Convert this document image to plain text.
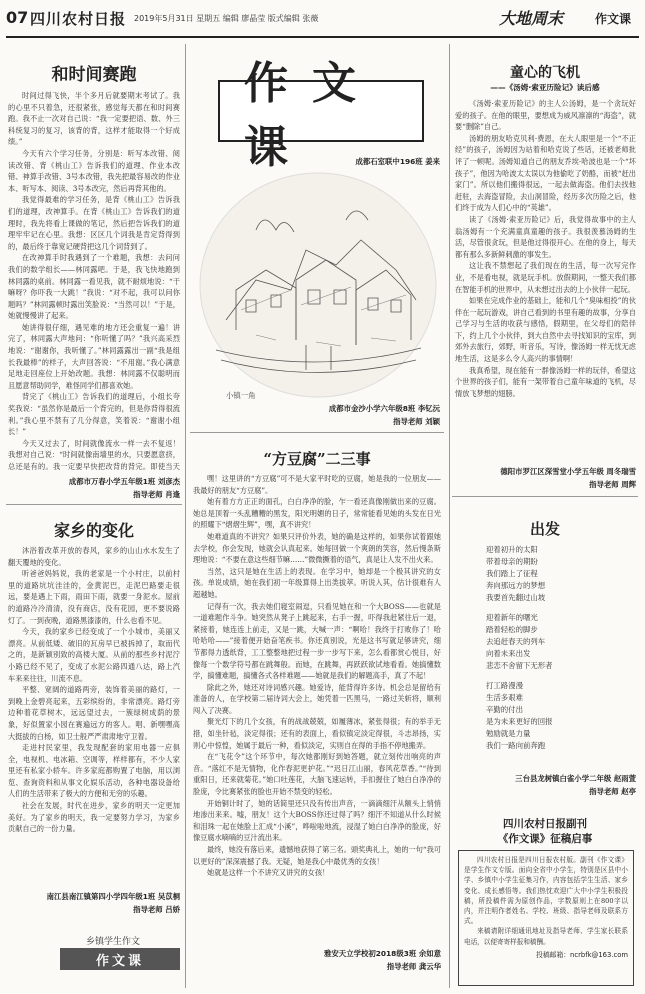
07 四川农村日报 2019年5月31日 星期五 编辑 廖晶莹 版式编辑 张薇	大地周末	作文课
和时间赛跑

时间过得飞快，半个多月后就要期末考试了。我的心里不只着急，还很紧张，感觉每天都在和时间赛跑。我不止一次对自己说：“我一定要把语、数、外三科统复习的复习，该背的背，这样才能取得一个好成绩。”

今天有六个学习任务，分别是：听写本改错、阅读改错、背《桃山工》告诉我们的道理、作业本改错、神算手改错、3号本改错，我先把最容易改的作业本、听写本、阅读、3号本改完，然后再背其他的。

我觉得最难的学习任务，是背《桃山工》告诉我们的道理，改神算手。在背《桃山工》告诉我们的道理时，我先将看上课做的笔记，然后把告诉我们的道理牢牢记在心里。我想：区区几个词我是肯定背得到的，最后终于靠宽记硬背把这几个词背到了。

在改神算手时我遇到了一个难题，我想：去问问我们的数学组长——林同露吧。于是，我飞快地跑到林同露的桌前。林同露一看见我，就不耐烦地说：“干嘛呀？你吓我一大跳！”我说：“对不起，我可以问你题吗？”林同露顿时露出笑脸说：“当然可以！”于是，她就慢慢讲了起来。

她讲得很仔细，遇见难的地方还会重复一遍！讲完了，林同露大声地问：“你听懂了吗？”我兴高采烈地说：“谢谢你，我听懂了。”林同露露出一副“我是组长我最棒”的样子，大声回答说：“不用谢。”我心满意足地走回座位上开始改题。我想：林同露不仅聪明而且愿意帮助同学，难怪同学们都喜欢她。

背完了《桃山工》告诉我们的道理后，小组长夸奖我说：“虽然你是最后一个背完的，但是你背得很流利。”我心里不禁有了几分得意，笑着说：“谢谢小组长！”

今天又过去了，时间就像流水一样一去不复返！我想对自己说：“时间就像南墙里的水，只要愿意挤，总还是有的。我一定要早快把改背的背完。即使当天

成都市万春小学五年级1班 刘彦杰
指导老师 肖逢
家乡的变化

沐浴着改革开放的春风，家乡的山山水水发生了翻天覆地的变化。

听爸爸妈妈说，我的老家是一个小村庄，以前村里的道路坑坑洼洼的，金黄泥巴，走泥巴路要走很远，要是遇上下雨，雨田下雨，就要一身泥水。屋前的道路冷冷清清，没有商店，没有花园，更不要说路灯了。一到夜晚，道路黑漆漆的，什么也看不见。

今天，我的家乡已经变成了一个小城市，美丽又漂亮。从前低矮、破旧的瓦房早已被拆掉了，取而代之的，是新颖别致的高楼大厦。从前的那些乡村泥泞小路已经不见了，变成了水泥公路四通八达，路上汽车来来往往，川流不息。

平整、宽阔的道路两旁，装饰着美丽的路灯，一到晚上金碧亮起来，五彩缤纷的，非常漂亮。路灯旁边种着花草树木，远远望过去，一簇绿树成荫的景象，好似置家小园在赛遍远方的客人。唱、新嘿嘿高大挺拔的白杨，如卫士般严严肃肃地守卫着。

走进村民家里，我发现配套的家用电器一应俱全，电视机、电冰箱、空调等，样样都有，不少人家里还有私家小轿车。许多家庭都购置了电脑，用以浏览、查询资料和从事文化娱乐活动，各种电器设备给人们的生活带来了极大的方便和无穷的乐趣。

社会在发展，时代在进步，家乡的明天一定更加美好。为了家乡的明天，我一定要努力学习，为家乡贡献自己的一份力量。

南江县南江镇第四小学四年级1班 吴苡桐
指导老师 吕娇
乡镇学生作文
作文课
作文课	成都石室联中196班 姜来
小镇一角
成都市金沙小学六年级8班 李钇沅
指导老师 刘颖
“方豆腐”二三事

嘿！这里讲的“方豆腐”可不是大家平时吃的豆腐，她是我的一位朋友——我最好的朋友“方豆腐”。

她有着方方正正的面孔，白白净净的脸，乍一看还真像刚做出来的豆腐。她总是顶着一头乱糟糟的黑发，阳光明媚的日子，常常能看见她的头发在日光的照耀下“熠熠生辉”，嘿，真不讲究！

她难道真的不讲究？如果只评价外表，她的确是这样的，如果你试着跟她去学校，你会发现，她就会认真起来。她每回做一个爽朗的笑容，然后慢条斯理地说：“不要在意这些细节嘛……”微微撅着的语气，真是让人发不出火来。

当然，这只是她在生活上的表现。在学习中，她却是一个极其讲究的女孩。单说成绩，她在我们初一年级算得上出类拔萃。听说入其，估计很难有人超越她。

记得有一次，我去她们寝室闹逗，只看见她在和一个大BOSS——也就是一道难题作斗争。她突然从凳子上跳起来，右手一握，吓得我赶紧往后一退，紧接着，她连连上前走，又是一跳，大喊一声：“啊哈！我终于打败你了！哈哈哈哈——”接着便开始奋笔疾书。你还真别说，光是这书写就足够讲究，细节都得力透纸背，工工整整地把过程一步一步写下来，怎么看都赏心悦目，好像每一个数学符号都在跳舞般。而她，在跳舞，再跃跃欲试地看看。她搞懂数学，搞懂难题，搞懂各式各样难题——她就是我们的解题高手，真了不起！

除此之外，她还对诗词感兴趣。她爱诗，能背得许多诗。机会总是留给有准备的人，在学校第二届诗词大会上，她凭着一匹黑马，一路过关斩将，顺利闯入了决赛。

聚光灯下的几个女孩，有的战战兢兢，如履薄冰，紧张得很；有的举手无措，如坐针毡，淡定得很；还有的表面上，看似镇定淡定得很，斗志昂扬，实则心中惊惶，她属于最后一种，看似淡定，实则自在得的手指不停地搬弄。

在“飞花令”这个环节中，每次她都刚好到她答题，就立刻传出响亮的声音。“落红不是无情物，化作春泥更护花。”“迟日江山丽，春风花草香。”“待到重阳日，还来就菊花。”她口吐莲花，大脑飞速运转，手扣握住了她白白净净的脸庞，令比赛紧张的脸也开始不禁变的轻松。

开始铜计时了，她的话简里还只没有传出声音，一滴滴细汗从额头上悄悄地渗出来来。嘘，朋友！这个大BOSS你还过得了吗？细汗不知道从什么时候和泪珠一起在她脸上汇成“小溪”，哗啦啦地流，浸湿了她白白净净的脸庞，好像豆腐水嘀嘀的豆汁流出来。

最终，她没有落后来，遗憾地获得了第三名。頭奖典礼上，她的一句“我可以更好的”深深震撼了我。无疑，她是我心中最优秀的女孩！

她就是这样一个不讲究又讲究的女孩！

雅安天立学校初2018级3班 余如意
指导老师 龚云华
童心的飞机
——《汤姆·索亚历险记》读后感

《汤姆·索亚历险记》的主人公汤姆，是一个贪玩好爱的孩子。在他的眼里，要想成为威风凛凛的“海盗”，就要“删除”自己。

汤姆的朋友哈克贝利·费恩，在大人眼里是一个“不正经”的孩子，汤姆因为站着和哈克说了些话，还被老师批评了一顿呢。汤姆知道自己的朋友乔埃·哈波也是一个“坏孩子”，他因为哈波太太误以为他偷吃了奶酪，而被“赶出家门”。所以他们搬得很远，一起去做海盗。他们去找他赶驻，去海盗冒险，去山洞冒险，经历多次历险之后，他们终于成为人们心中的“英雄”。

读了《汤姆·索亚历险记》后，我觉得故事中的主人翁汤姆有一个充满童真童趣的孩子。我很羡慕汤姆的生活，尽管很贪玩，但是他过得很开心。在他的身上，每天都有那么多新鲜刺激的事发生。

这让我不禁想起了我们现在的生活，每一次写完作业，不是看电视，就是玩手机。放假期间，一整天我们都在智能手机的世界中，从未想过出去的上小伙伴一起玩。

如果在完成作业的基础上，能和几个“臭味相投”的伙伴在一起玩游戏，讲自己看到的书里有趣的故事，分享自己学习与生活的收获与感悟，假期里，在父母们的陪伴下，约上几个小伙伴，到大自然中去寻找知识的宝库，到郊外去旅行，郊野，听音乐，写诗，像汤姆一样无忧无虑地生活，这是多么令人高兴的事情啊！

我真希望，现在能有一群像汤姆一样的玩伴，希望这个世界的孩子们，能有一架带着自己童年味道的飞机，尽情放飞梦想的翅膀。

德阳市罗江区深雪堂小学五年级 周冬瑞雪
指导老师 周辉
出发
迎着初升的太阳
带着母亲的期盼
我们踏上了征程
奔向那远方的梦想
我要首先翻过山坡
迎着新年的曙光
踏着轻松的脚步
去追赶春天的列车
向着未来出发
悲恋不舍留下无形者
打工路漫漫
生活多艰难
辛勤的付出
是为未来更好的回报
勉励就是力量
我们一路向前奔跑
三台县龙树镇白雀小学二年级 赵雨萱
指导老师 赵亭
四川农村日报副刊
《作文课》征稿启事

四川农村日报是四川日报农村版。副刊《作文课》是学生作文专版。面向全省中小学生，特别是区县中小学、乡镇中小学生征集习作，内容包括学生生活、家乡变化、成长感悟等。我们热忱欢迎广大中小学生积极投稿，所投稿件需为原创作品，字数原则上在800字以内，并注明作者姓名、学校、班级、指导老师及联系方式。

来稿请附详细通讯地址及指导老师、学生家长联系电话，以便寄寄样报和稿酬。

投稿邮箱：ncrbfk@163.com
